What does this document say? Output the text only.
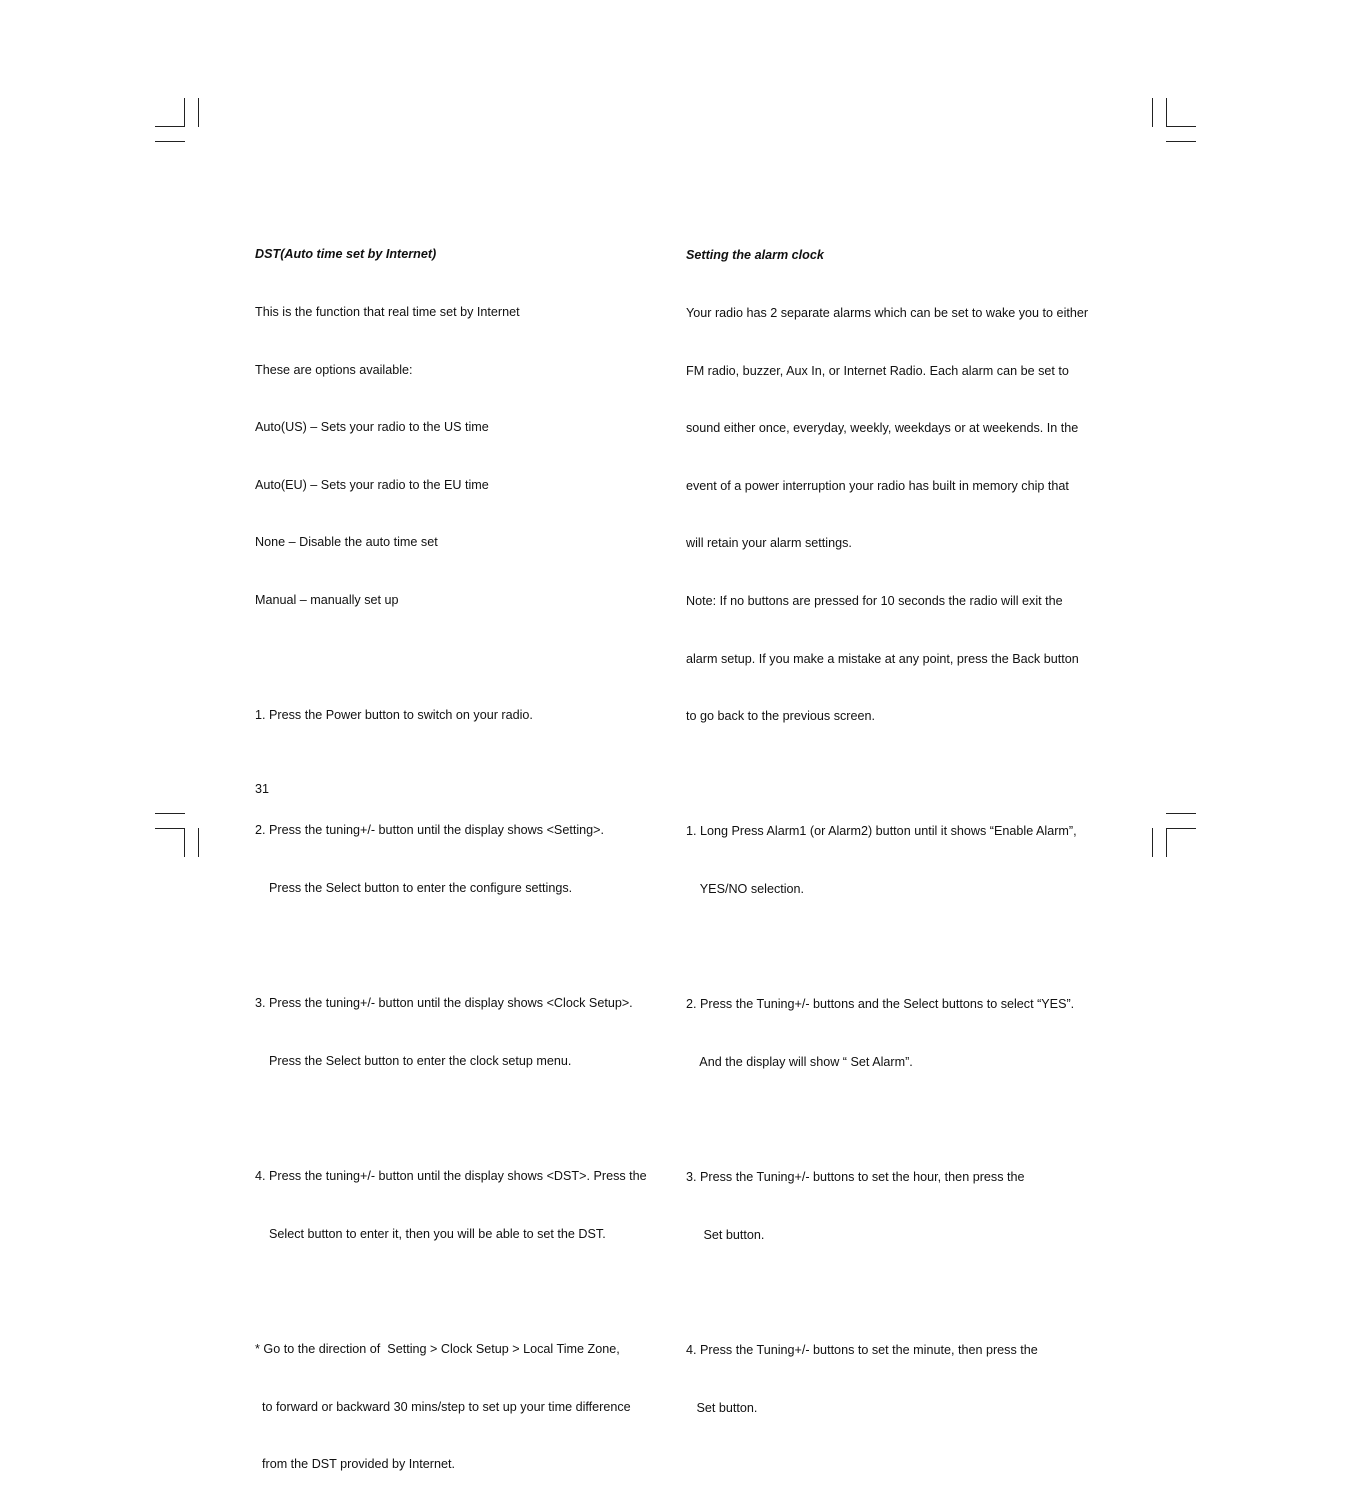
DST(Auto time set by Internet)

This is the function that real time set by Internet

These are options available:

Auto(US) – Sets your radio to the US time

Auto(EU) – Sets your radio to the EU time

None – Disable the auto time set

Manual – manually set up

1. Press the Power button to switch on your radio.

2. Press the tuning+/- button until the display shows <Setting>.

Press the Select button to enter the configure settings.

3. Press the tuning+/- button until the display shows <Clock Setup>.

Press the Select button to enter the clock setup menu.

4. Press the tuning+/- button until the display shows <DST>. Press the

Select button to enter it, then you will be able to set the DST.

* Go to the direction of  Setting > Clock Setup > Local Time Zone,

to forward or backward 30 mins/step to set up your time difference

from the DST provided by Internet.

Setting the alarm clock

Your radio has 2 separate alarms which can be set to wake you to either

FM radio, buzzer, Aux In, or Internet Radio. Each alarm can be set to

sound either once, everyday, weekly, weekdays or at weekends. In the

event of a power interruption your radio has built in memory chip that

will retain your alarm settings.

Note: If no buttons are pressed for 10 seconds the radio will exit the

alarm setup. If you make a mistake at any point, press the Back button

to go back to the previous screen.

1. Long Press Alarm1 (or Alarm2) button until it shows “Enable Alarm”,

YES/NO selection.

2. Press the Tuning+/- buttons and the Select buttons to select “YES”.

And the display will show “ Set Alarm”.

3. Press the Tuning+/- buttons to set the hour, then press the

Set button.

4. Press the Tuning+/- buttons to set the minute, then press the

Set button.

31
